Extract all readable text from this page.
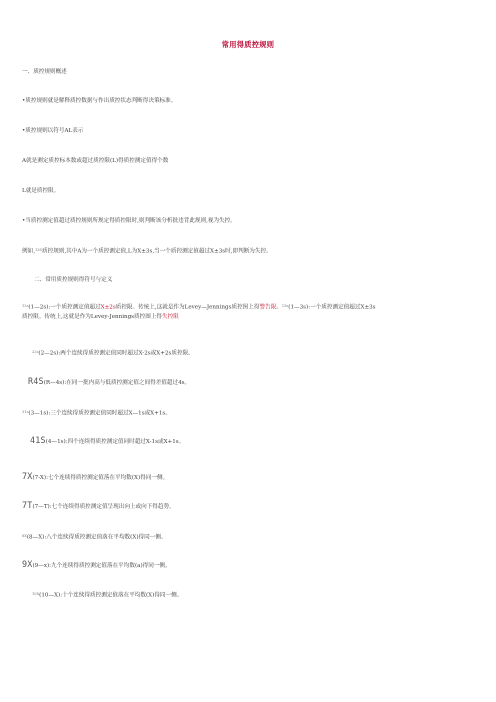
常用得质控规则
一、质控规则概述
•质控规则就是解释质控数据与作出质控状态判断得决策标准。
•质控规则以符号AL表示
A就是测定质控标本数或超过质控限(L)得质控测定值得个数
L就是质控限。
•当质控测定值超过质控规则所规定得质控限时,则判断该分析批违背此规则,视为失控。
例如,$^{13S}$质控规则,其中A为一个质控测定值,L为X±3s,当一个质控测定值超过X±3s时,即判断为失控。
二、常用质控规则得符号与定义
$^{12s}$(1—2s):一个质控测定值超过X±2s质控限。传统上,这就是作为Levey—Jennings质控图上得警告限。$^{13s}$(1—3s):一个质控测定值超过X±3s
质控限。传统上,这就是作为Levey-Jennings质控图上得失控限
$^{22s}$(2—2s):两个连续得质控测定值同时超过X-2s或X+2s质控限。
R4S(R—4s):在同一批内高与低质控测定值之间得差值超过4s。
$^{31s}$(3—1s):三个连续得质控测定值同时超过X—1s或X+1s。
41S(4—1s):四个连续得质控测定值同时超过X-1s或X+1s。
7X(7-X):七个连续得质控测定值落在平均数(X)得同一侧。
7T(7—T):七个连续得质控测定值呈现出向上或向下得趋势。
$^{8X}$(8—X):八个连续得质控测定值落在平均数(X)得同一侧。
9X(9—x):九个连续得质控测定值落在平均数(a)得同一侧。
$^{10X}$(10—X):十个连续得质控测定值落在平均数(X)得同一侧。
